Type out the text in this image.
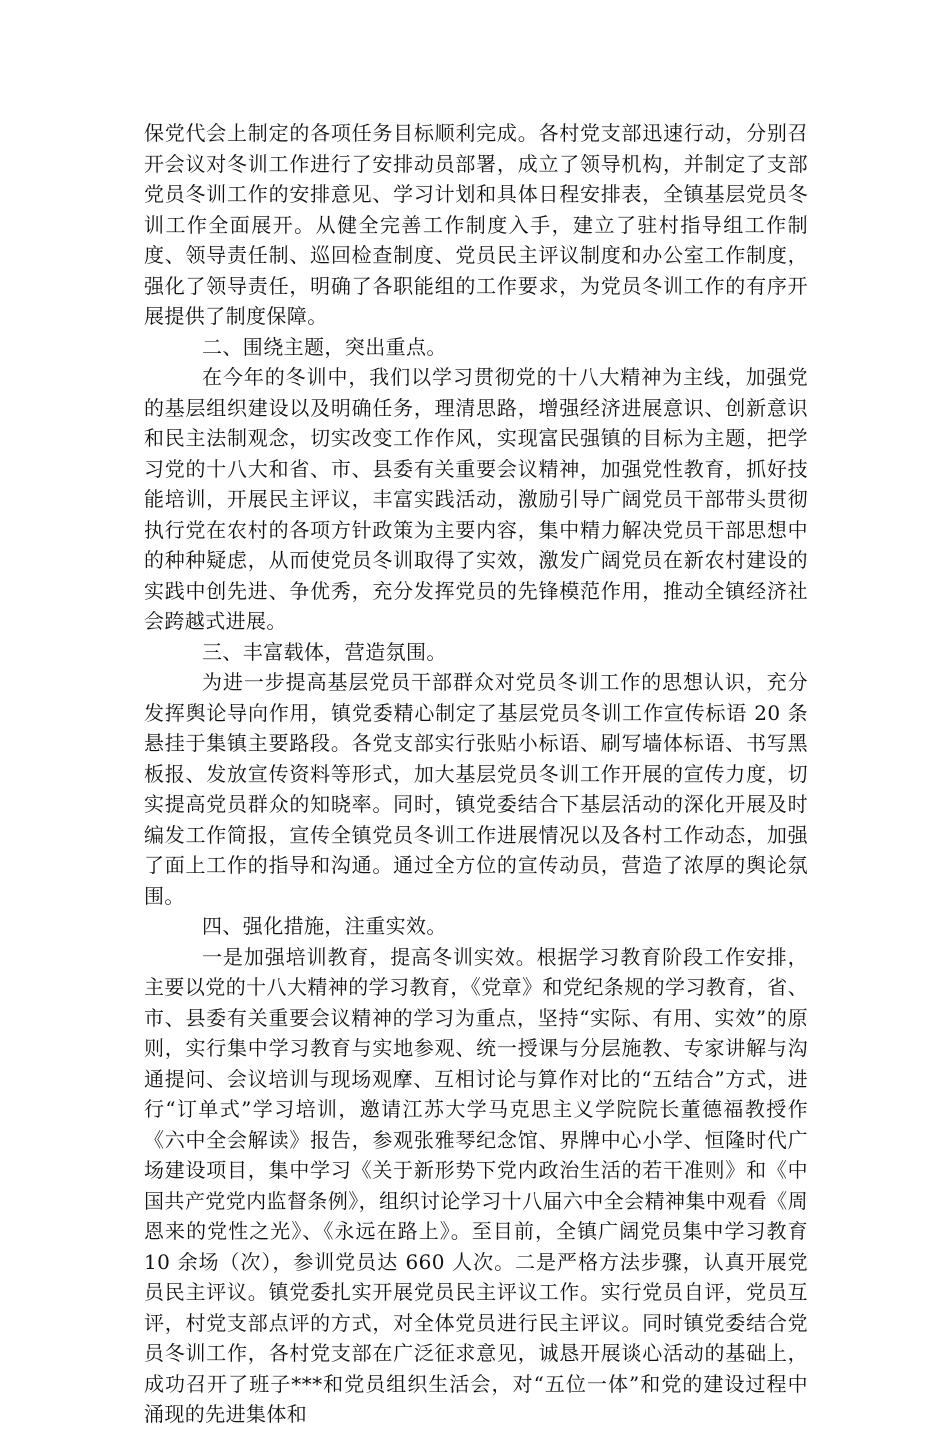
保党代会上制定的各项任务目标顺利完成。各村党支部迅速行动，分别召开会议对冬训工作进行了安排动员部署，成立了领导机构，并制定了支部党员冬训工作的安排意见、学习计划和具体日程安排表，全镇基层党员冬训工作全面展开。从健全完善工作制度入手，建立了驻村指导组工作制度、领导责任制、巡回检查制度、党员民主评议制度和办公室工作制度，强化了领导责任，明确了各职能组的工作要求，为党员冬训工作的有序开展提供了制度保障。

二、围绕主题，突出重点。

在今年的冬训中，我们以学习贯彻党的十八大精神为主线，加强党的基层组织建设以及明确任务，理清思路，增强经济进展意识、创新意识和民主法制观念，切实改变工作作风，实现富民强镇的目标为主题，把学习党的十八大和省、市、县委有关重要会议精神，加强党性教育，抓好技能培训，开展民主评议，丰富实践活动，激励引导广阔党员干部带头贯彻执行党在农村的各项方针政策为主要内容，集中精力解决党员干部思想中的种种疑虑，从而使党员冬训取得了实效，激发广阔党员在新农村建设的实践中创先进、争优秀，充分发挥党员的先锋模范作用，推动全镇经济社会跨越式进展。

三、丰富载体，营造氛围。

为进一步提高基层党员干部群众对党员冬训工作的思想认识，充分发挥舆论导向作用，镇党委精心制定了基层党员冬训工作宣传标语 20 条悬挂于集镇主要路段。各党支部实行张贴小标语、刷写墙体标语、书写黑板报、发放宣传资料等形式，加大基层党员冬训工作开展的宣传力度，切实提高党员群众的知晓率。同时，镇党委结合下基层活动的深化开展及时编发工作简报，宣传全镇党员冬训工作进展情况以及各村工作动态，加强了面上工作的指导和沟通。通过全方位的宣传动员，营造了浓厚的舆论氛围。

四、强化措施，注重实效。

一是加强培训教育，提高冬训实效。根据学习教育阶段工作安排，主要以党的十八大精神的学习教育，《党章》和党纪条规的学习教育，省、市、县委有关重要会议精神的学习为重点，坚持“实际、有用、实效”的原则，实行集中学习教育与实地参观、统一授课与分层施教、专家讲解与沟通提问、会议培训与现场观摩、互相讨论与算作对比的“五结合”方式，进行“订单式”学习培训，邀请江苏大学马克思主义学院院长董德福教授作《六中全会解读》报告，参观张雅琴纪念馆、界牌中心小学、恒隆时代广场建设项目，集中学习《关于新形势下党内政治生活的若干准则》和《中国共产党党内监督条例》，组织讨论学习十八届六中全会精神集中观看《周恩来的党性之光》、《永远在路上》。至目前，全镇广阔党员集中学习教育　10 余场（次），参训党员达 660 人次。二是严格方法步骤，认真开展党员民主评议。镇党委扎实开展党员民主评议工作。实行党员自评，党员互评，村党支部点评的方式，对全体党员进行民主评议。同时镇党委结合党员冬训工作，各村党支部在广泛征求意见，诚恳开展谈心活动的基础上，成功召开了班子***和党员组织生活会，对“五位一体”和党的建设过程中涌现的先进集体和
